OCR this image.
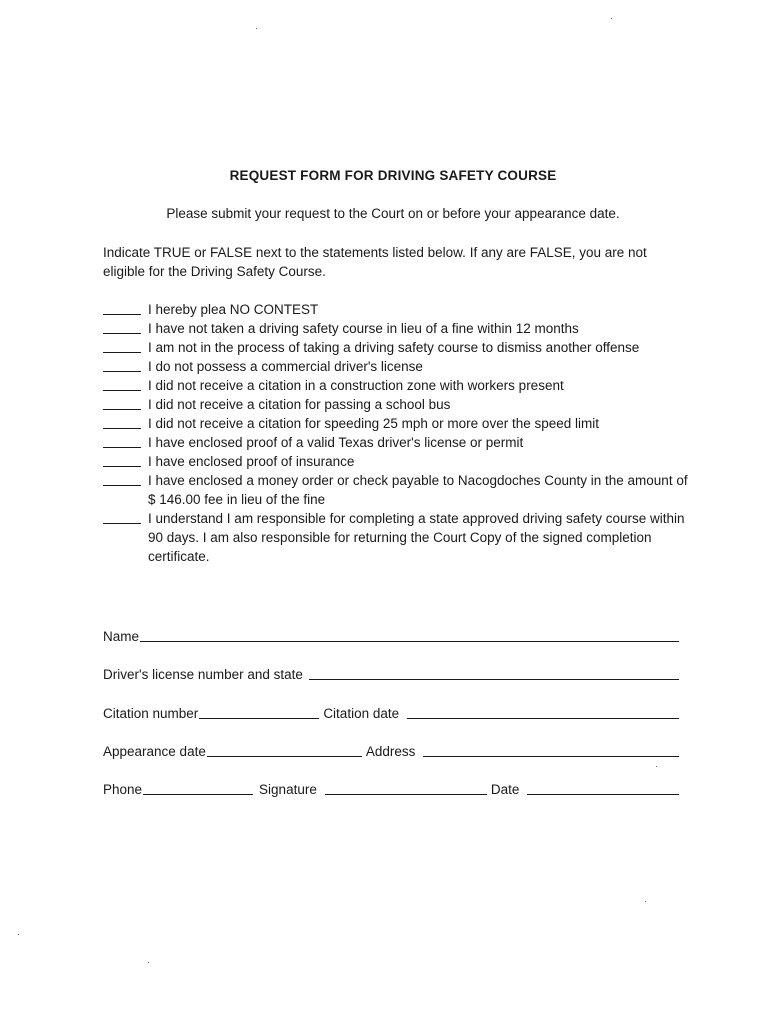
REQUEST FORM FOR DRIVING SAFETY COURSE
Please submit your request to the Court on or before your appearance date.
Indicate TRUE or FALSE next to the statements listed below. If any are FALSE, you are not eligible for the Driving Safety Course.
I hereby plea NO CONTEST
I have not taken a driving safety course in lieu of a fine within 12 months
I am not in the process of taking a driving safety course to dismiss another offense
I do not possess a commercial driver's license
I did not receive a citation in a construction zone with workers present
I did not receive a citation for passing a school bus
I did not receive a citation for speeding 25 mph or more over the speed limit
I have enclosed proof of a valid Texas driver's license or permit
I have enclosed proof of insurance
I have enclosed a money order or check payable to Nacogdoches County in the amount of $ 146.00 fee in lieu of the fine
I understand I am responsible for completing a state approved driving safety course within 90 days. I am also responsible for returning the Court Copy of the signed completion certificate.
Name
Driver's license number and state
Citation number	Citation date
Appearance date	Address
Phone	Signature	Date
